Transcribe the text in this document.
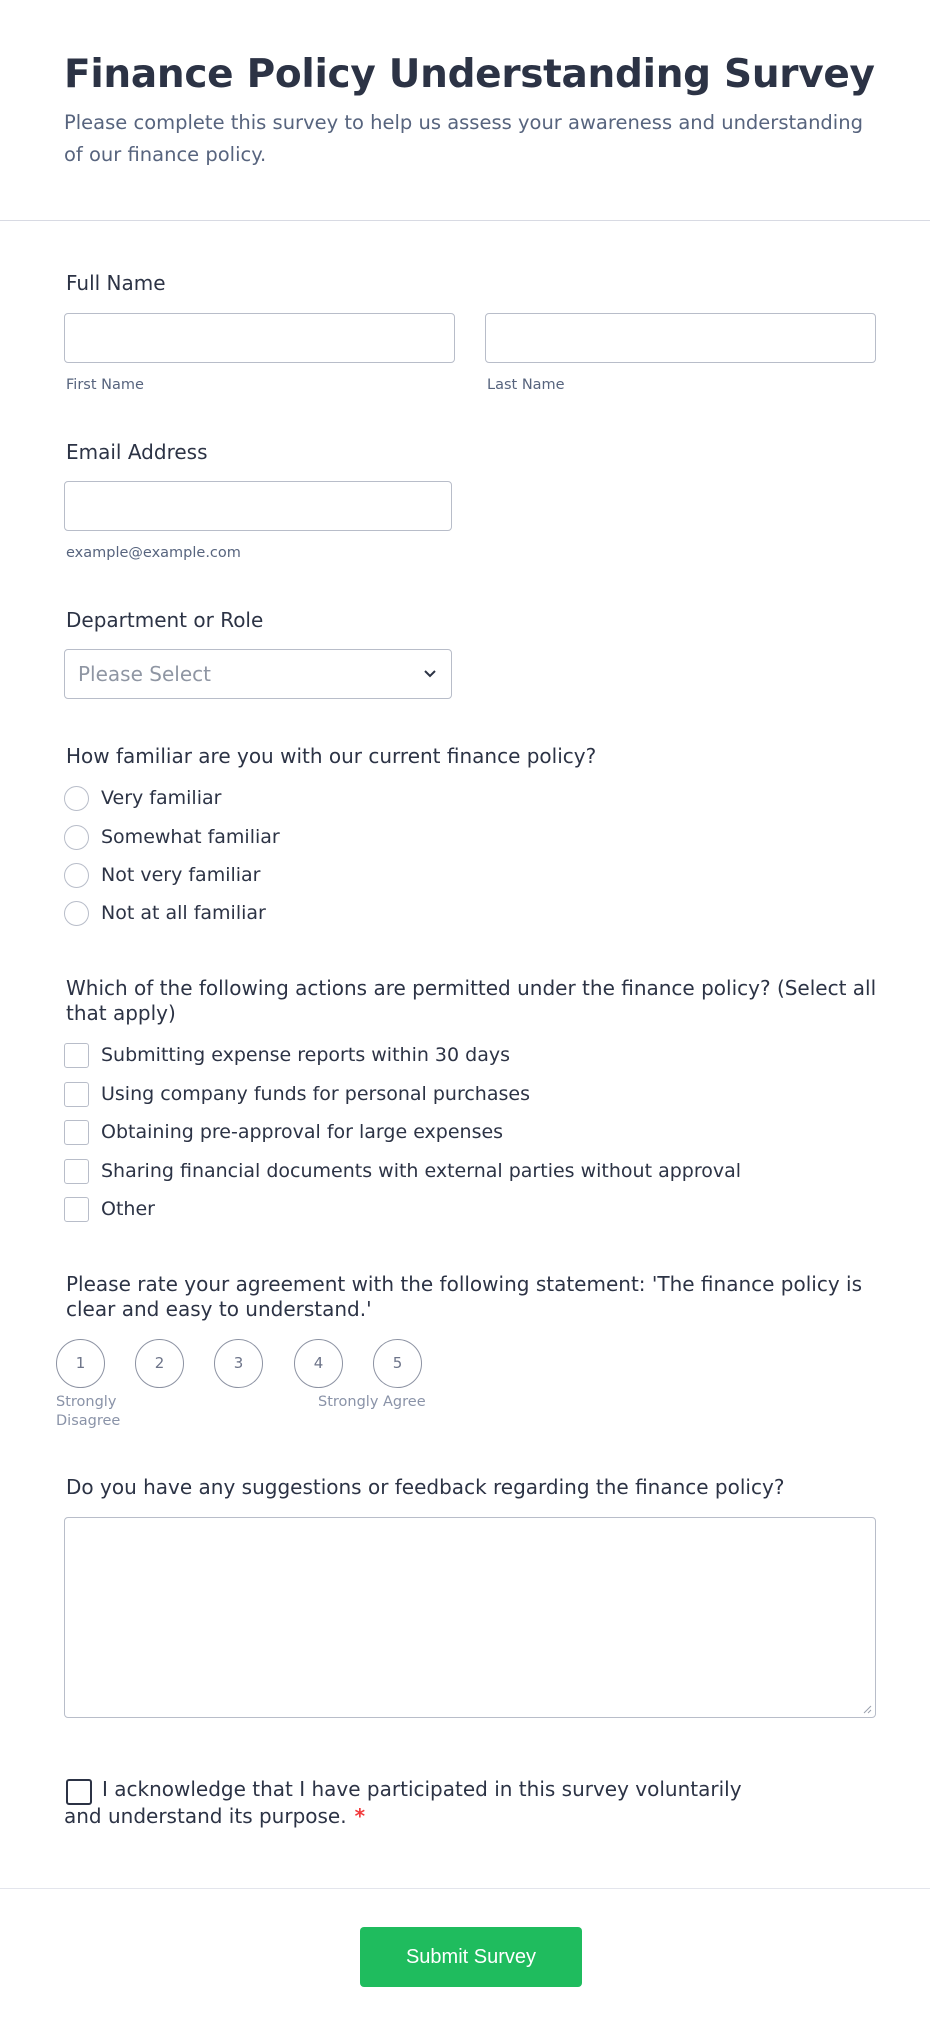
Finance Policy Understanding Survey

Please complete this survey to help us assess your awareness and understanding of our finance policy.

Full Name
First Name	Last Name
Email Address
example@example.com
Department or Role
Please Select
How familiar are you with our current finance policy?
Very familiar
Somewhat familiar
Not very familiar
Not at all familiar
Which of the following actions are permitted under the finance policy? (Select all that apply)
Submitting expense reports within 30 days
Using company funds for personal purchases
Obtaining pre-approval for large expenses
Sharing financial documents with external parties without approval
Other
Please rate your agreement with the following statement: 'The finance policy is clear and easy to understand.'
1	2	3	4	5
Strongly Disagree
Strongly Agree
Do you have any suggestions or feedback regarding the finance policy?
I acknowledge that I have participated in this survey voluntarily and understand its purpose. *
Submit Survey
